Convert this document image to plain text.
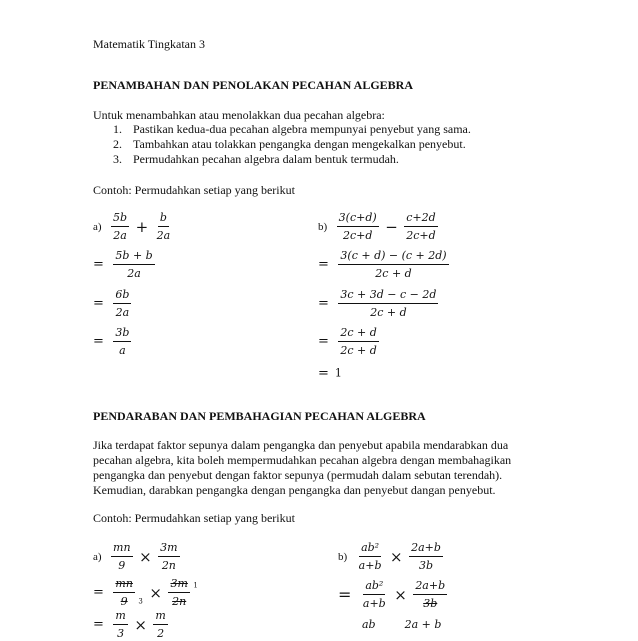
Matematik Tingkatan 3
PENAMBAHAN DAN PENOLAKAN PECAHAN ALGEBRA
Untuk menambahkan atau menolakkan dua pecahan algebra:
1. Pastikan kedua-dua pecahan algebra mempunyai penyebut yang sama.
2. Tambahkan atau tolakkan pengangka dengan mengekalkan penyebut.
3. Permudahkan pecahan algebra dalam bentuk termudah.
Contoh: Permudahkan setiap yang berikut
$a) \frac{5b}{2a} + \frac{b}{2a}$
= $\frac{5b + b}{2a}$
= $\frac{6b}{2a}$
= $\frac{3b}{a}$
$b) \frac{3(c+d)}{2c+d} - \frac{c+2d}{2c+d}$
= $\frac{3(c + d) - (c + 2d)}{2c + d}$
= $\frac{3c + 3d - c - 2d}{2c + d}$
= $\frac{2c + d}{2c + d}$
= 1
PENDARABAN DAN PEMBAHAGIAN PECAHAN ALGEBRA
Jika terdapat faktor sepunya dalam pengangka dan penyebut apabila mendarabkan dua
pecahan algebra, kita boleh mempermudahkan pecahan algebra dengan membahagikan
pengangka dan penyebut dengan faktor sepunya (permudah dalam sebutan terendah).
Kemudian, darabkan pengangka dengan pengangka dan penyebut dangan penyebut.
Contoh: Permudahkan setiap yang berikut
$a) \frac{mn}{9} \times \frac{3m}{2n}$
= $\frac{mn}{9} _3 \times \frac{3m}{2n} ^1$
= $\frac{m}{3} \times \frac{m}{2}$
$b) \frac{\text{ab²}}{a+b} \times \frac{2a+b}{3b}$
= $\frac{\text{ab²}}{a+b} \times \frac{2a+b}{3b}$
ab	2a + b
